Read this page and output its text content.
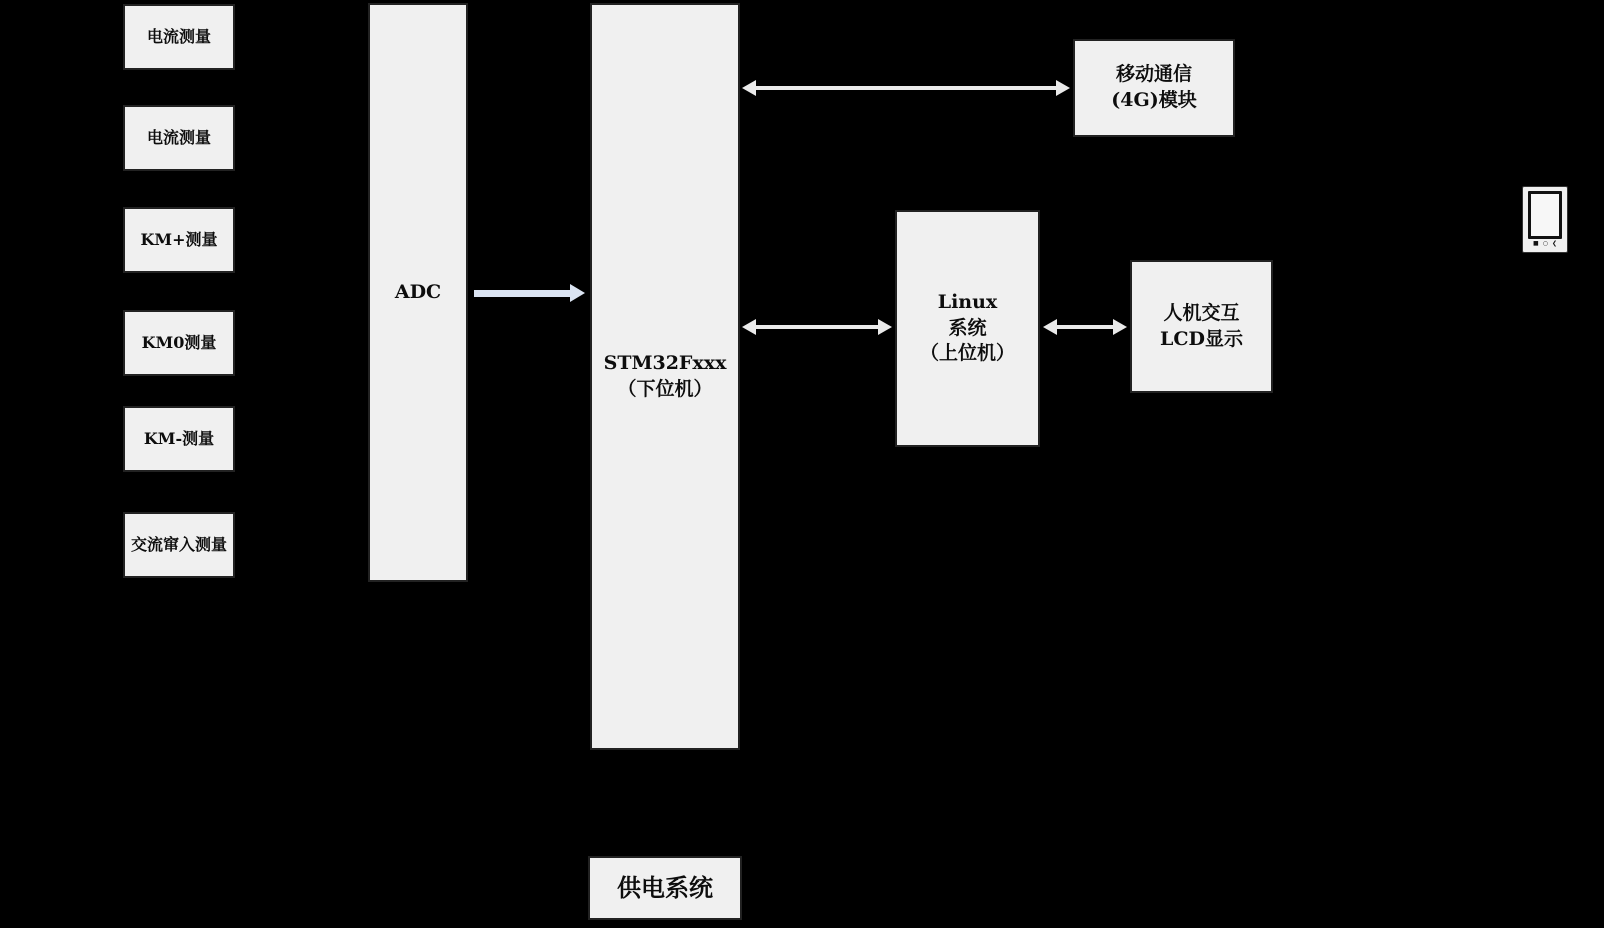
电流测量
电流测量
KM+测量
KM0测量
KM-测量
交流窜入测量
ADC
STM32Fxxx
（下位机）
移动通信
(4G)模块
Linux
系统
（上位机）
人机交互
LCD显示
供电系统
■ ○ ❮
